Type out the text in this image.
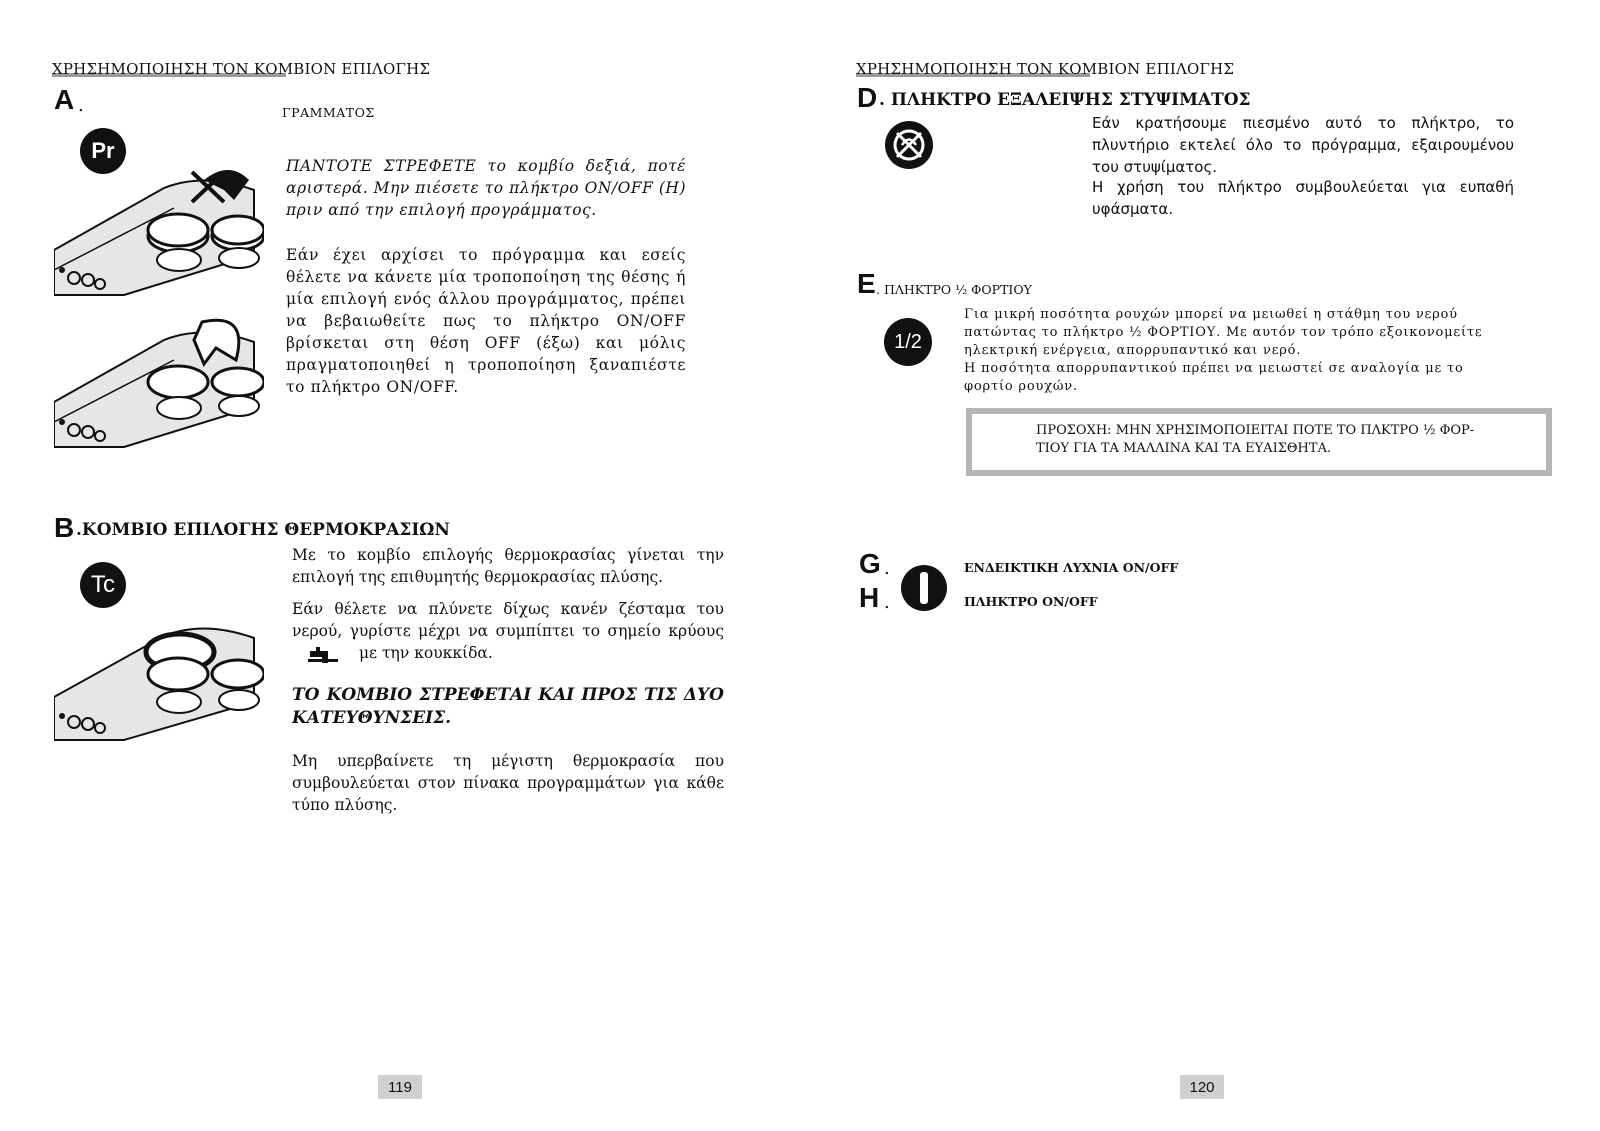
ΧΡΗΣΗΜΟΠΟΙΗΣΗ ΤΟΝ ΚΟΜΒΙΟΝ ΕΠΙΛΟΓΗΣ
A .	ΓΡΑΜΜΑΤΟΣ
Pr
ΠΑΝΤΟΤΕ ΣΤΡΕΦΕΤΕ το κομβίο δεξιά, ποτέ αριστερά. Μην πιέσετε το πλήκτρο ON/OFF (H) πριν από την επιλογή προγράμματος.
Εάν έχει αρχίσει το πρόγραμμα και εσείς θέλετε να κάνετε μία τροποποίηση της θέσης ή μία επιλογή ενός άλλου προγράμματος, πρέπει να βεβαιωθείτε πως το πλήκτρο ON/OFF βρίσκεται στη θέση OFF (έξω) και μόλις πραγματοποιηθεί η τροποποίηση ξαναπιέστε το πλήκτρο ON/OFF.
B .ΚΟΜΒΙΟ ΕΠΙΛΟΓΗΣ ΘΕΡΜΟΚΡΑΣΙΩΝ
Tc
Με το κομβίο επιλογής θερμοκρασίας γίνεται την επιλογή της επιθυμητής θερμοκρασίας πλύσης.
Εάν θέλετε να πλύνετε δίχως κανέν ζέσταμα του νερού, γυρίστε μέχρι να συμπίπτει το σημείο κρύους  με την κουκκίδα.
ΤΟ ΚΟΜΒΙΟ ΣΤΡΕΦΕΤΑΙ ΚΑΙ ΠΡΟΣ ΤΙΣ ΔΥΟ ΚΑΤΕΥΘΥΝΣΕΙΣ.
Μη υπερβαίνετε τη μέγιστη θερμοκρασία που συμβουλεύεται στον πίνακα προγραμμάτων για κάθε τύπο πλύσης.
119
ΧΡΗΣΗΜΟΠΟΙΗΣΗ ΤΟΝ ΚΟΜΒΙΟΝ ΕΠΙΛΟΓΗΣ
D . ΠΛΗΚΤΡΟ ΕΞΑΛΕΙΨΗΣ ΣΤΥΨΙΜΑΤΟΣ
Εάν κρατήσουμε πιεσμένο αυτό το πλήκτρο, το πλυντήριο εκτελεί όλο το πρόγραμμα, εξαιρουμένου του στυψίματος.
Η χρήση του πλήκτρο συμβουλεύεται για ευπαθή υφάσματα.
E . ΠΛΗΚΤΡΟ ½ ΦΟΡΤΙΟΥ
1/2
Για μικρή ποσότητα ρουχών μπορεί να μειωθεί η στάθμη του νερού πατώντας το πλήκτρο ½ ΦΟΡΤΙΟΥ. Με αυτόν τον τρόπο εξοικονομείτε ηλεκτρική ενέργεια, απορρυπαντικό και νερό.
Η ποσότητα απορρυπαντικού πρέπει να μειωστεί σε αναλογία με το φορτίο ρουχών.
ΠΡΟΣΟΧΗ: ΜΗΝ ΧΡΗΣΙΜΟΠΟΙΕΙΤΑΙ ΠΟΤΕ ΤΟ ΠΛΚΤΡΟ ½ ΦΟΡ-ΤΙΟΥ ΓΙΑ ΤΑ ΜΑΛΛΙΝΑ ΚΑΙ ΤΑ ΕΥΑΙΣΘΗΤΑ.
G .
H .
ΕΝΔΕΙΚΤΙΚΗ ΛΥΧΝΙΑ ON/OFF
ΠΛΗΚΤΡΟ ON/OFF
120
